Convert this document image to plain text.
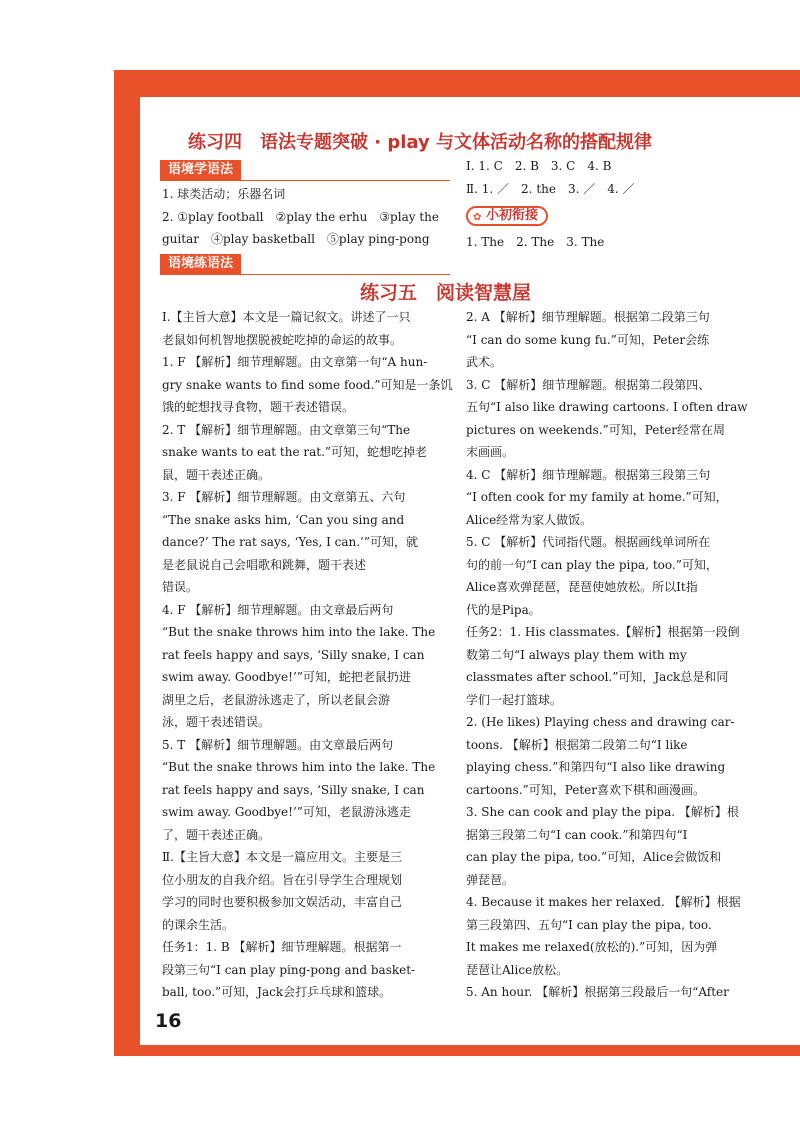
练习四　语法专题突破 · play 与文体活动名称的搭配规律
语境学语法

1. 球类活动；乐器名词

2. ①play football　②play the erhu　③play the

guitar　④play basketball　⑤play ping-pong

语境练语法

Ⅰ. 1. C　2. B　3. C　4. B

Ⅱ. 1. ／　2. the　3. ／　4. ／

✿ 小初衔接

1. The　2. The　3. The

练习五　阅读智慧屋

Ⅰ.【主旨大意】本文是一篇记叙文。讲述了一只

老鼠如何机智地摆脱被蛇吃掉的命运的故事。

1. F 【解析】细节理解题。由文章第一句“A hun-

gry snake wants to find some food.”可知是一条饥

饿的蛇想找寻食物，题干表述错误。

2. T 【解析】细节理解题。由文章第三句“The

snake wants to eat the rat.”可知，蛇想吃掉老

鼠，题干表述正确。

3. F 【解析】细节理解题。由文章第五、六句

“The snake asks him, ‘Can you sing and

dance?’ The rat says, ‘Yes, I can.’”可知，就

是老鼠说自己会唱歌和跳舞，题干表述

错误。

4. F 【解析】细节理解题。由文章最后两句

“But the snake throws him into the lake. The

rat feels happy and says, ‘Silly snake, I can

swim away. Goodbye!’”可知，蛇把老鼠扔进

湖里之后，老鼠游泳逃走了，所以老鼠会游

泳，题干表述错误。

5. T 【解析】细节理解题。由文章最后两句

“But the snake throws him into the lake. The

rat feels happy and says, ‘Silly snake, I can

swim away. Goodbye!’”可知，老鼠游泳逃走

了，题干表述正确。

Ⅱ.【主旨大意】本文是一篇应用文。主要是三

位小朋友的自我介绍。旨在引导学生合理规划

学习的同时也要积极参加文娱活动，丰富自己

的课余生活。

任务1：1. B 【解析】细节理解题。根据第一

段第三句“I can play ping-pong and basket-

ball, too.”可知，Jack会打乒乓球和篮球。

2. A 【解析】细节理解题。根据第二段第三句

“I can do some kung fu.”可知，Peter会练

武术。

3. C 【解析】细节理解题。根据第二段第四、

五句“I also like drawing cartoons. I often draw

pictures on weekends.”可知，Peter经常在周

末画画。

4. C 【解析】细节理解题。根据第三段第三句

“I often cook for my family at home.”可知，

Alice经常为家人做饭。

5. C 【解析】代词指代题。根据画线单词所在

句的前一句“I can play the pipa, too.”可知，

Alice喜欢弹琵琶，琵琶使她放松。所以It指

代的是Pipa。

任务2：1. His classmates.【解析】根据第一段倒

数第二句“I always play them with my

classmates after school.”可知，Jack总是和同

学们一起打篮球。

2. (He likes) Playing chess and drawing car-

toons. 【解析】根据第二段第二句“I like

playing chess.”和第四句“I also like drawing

cartoons.”可知，Peter喜欢下棋和画漫画。

3. She can cook and play the pipa. 【解析】根

据第三段第二句“I can cook.”和第四句“I

can play the pipa, too.”可知，Alice会做饭和

弹琵琶。

4. Because it makes her relaxed. 【解析】根据

第三段第四、五句“I can play the pipa, too.

It makes me relaxed(放松的).”可知，因为弹

琵琶让Alice放松。

5. An hour. 【解析】根据第三段最后一句“After

16
